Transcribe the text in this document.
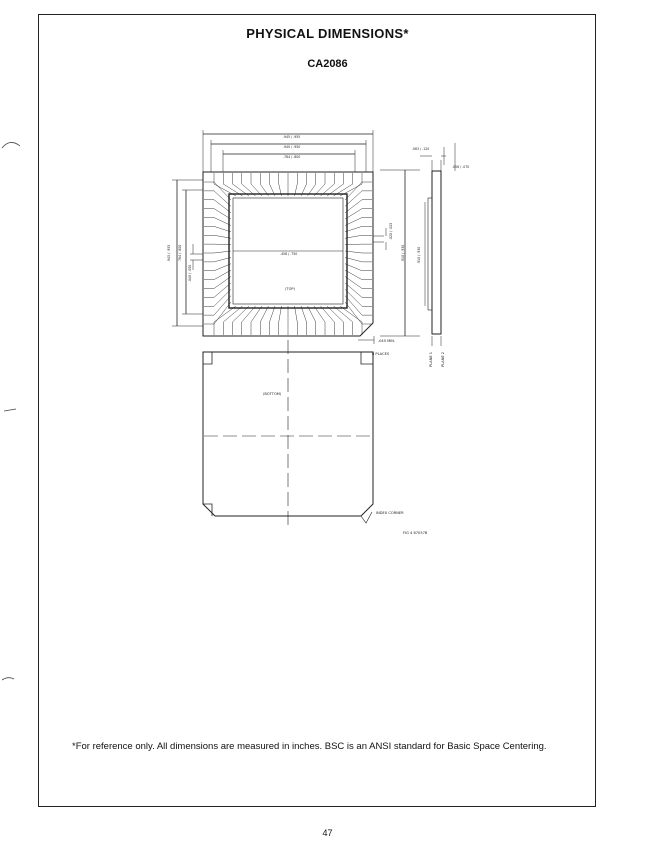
PHYSICAL DIMENSIONS*
CA2086
(TOP)
(BOTTOM)
INDEX CORNER
.045 MIN.
8 PLACES
FIG 4 87057B
PLANE 1 PLANE 2
.945 / .955
.940 / .950
.784 / .800
.458 / .750
.945 / .955 .784 / .800
.040 / .050
.020 / .025
.910 / .930	.910 / .930
.063 / .120
.056 / .070
*For reference only. All dimensions are measured in inches. BSC is an ANSI standard for Basic Space Centering.
47
